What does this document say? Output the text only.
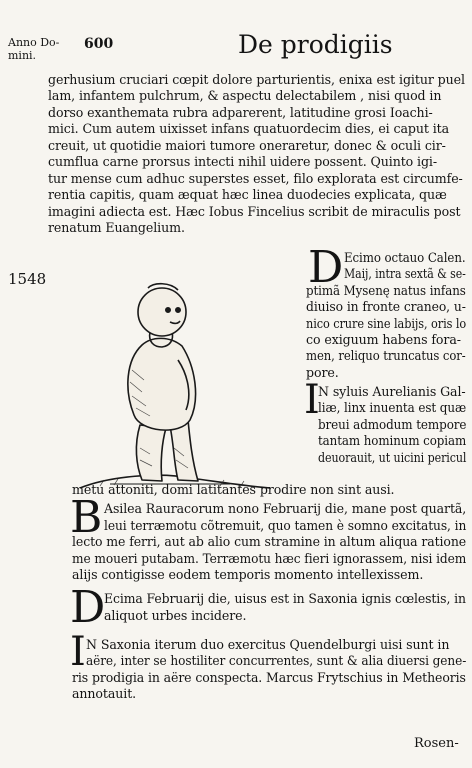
Anno Do-
mini.
600	De prodigiis
gerhusium cruciari cœpit dolore parturientis, enixa est igitur puel
lam, infantem pulchrum, & aspectu delectabilem , nisi quod in
dorso exanthemata rubra adparerent, latitudine grosi Ioachi-
mici. Cum autem uixisset infans quatuordecim dies, ei caput ita
creuit, ut quotidie maiori tumore oneraretur, donec & oculi cir-
cumflua carne prorsus intecti nihil uidere possent. Quinto igi-
tur mense cum adhuc superstes esset, filo explorata est circumfe-
rentia capitis, quam æquat hæc linea duodecies explicata, quæ
imagini adiecta est. Hæc Iobus Fincelius scribit de miraculis post
renatum Euangelium.
1548	D Ecimo octauo Calen.
Maij, intra sextã & se-
ptimã Mysenę natus infans
diuiso in fronte craneo, u-
nico crure sine labijs, oris lo
co exiguum habens fora-
men, reliquo truncatus cor-
pore.
I
N syluis Aurelianis Gal-
liæ, linx inuenta est quæ
breui admodum tempore
tantam hominum copiam
deuorauit, ut uicini pericul
metu attoniti, domi latitantes prodire non sint ausi.
B Asilea Rauracorum nono Februarij die, mane post quartã,
leui terræmotu cõtremuit, quo tamen è somno excitatus, in
lecto me ferri, aut ab alio cum stramine in altum aliqua ratione
me moueri putabam. Terræmotu hæc fieri ignorassem, nisi idem
alijs contigisse eodem temporis momento intellexissem.
D
Ecima Februarij die, uisus est in Saxonia ignis cœlestis, in
aliquot urbes incidere.
I N Saxonia iterum duo exercitus Quendelburgi uisi sunt in
aëre, inter se hostiliter concurrentes, sunt & alia diuersi gene-
ris prodigia in aëre conspecta. Marcus Frytschius in Metheoris
annotauit.
Rosen-
